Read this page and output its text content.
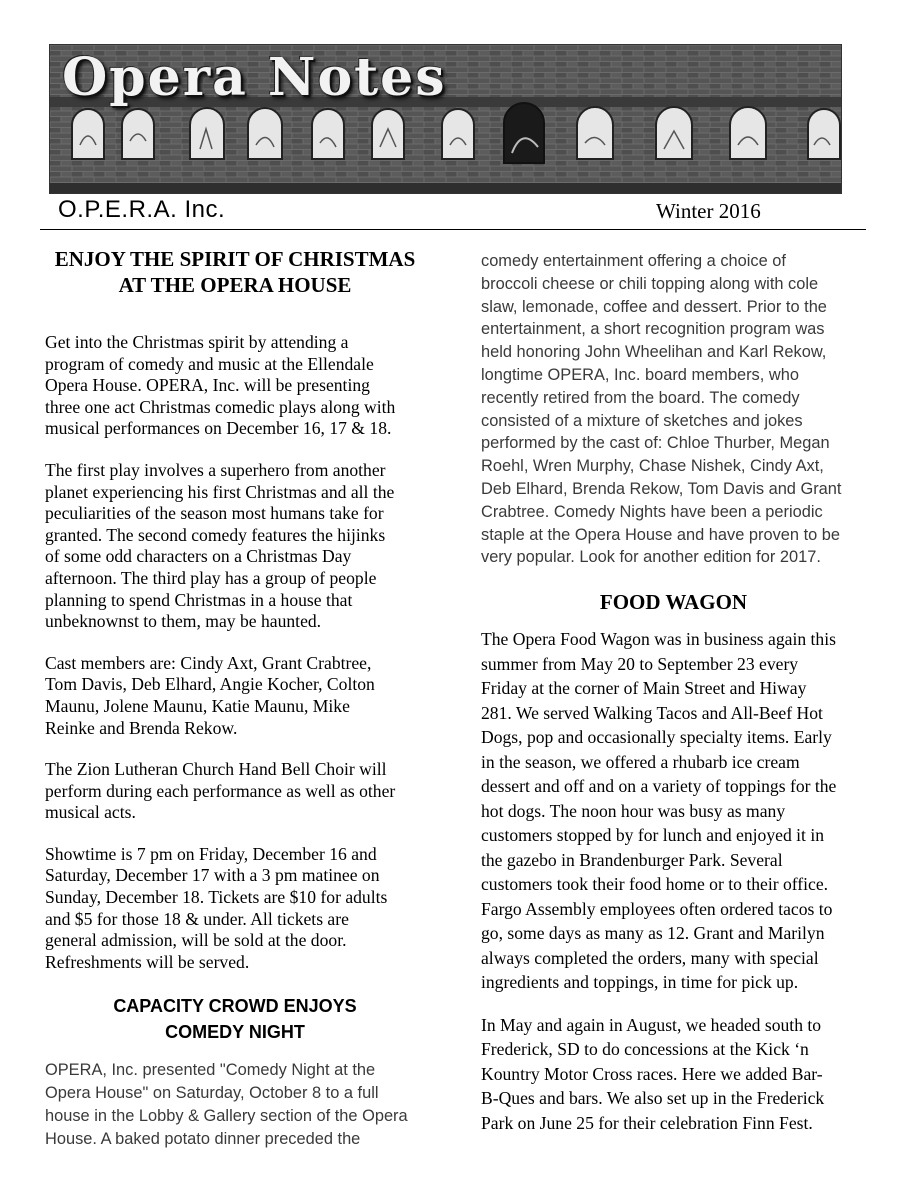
Opera Notes
O.P.E.R.A. Inc.	Winter 2016
ENJOY THE SPIRIT OF CHRISTMAS
AT THE OPERA HOUSE

Get into the Christmas spirit by attending a
program of comedy and music at the Ellendale
Opera House. OPERA, Inc. will be presenting
three one act Christmas comedic plays along with
musical performances on December 16, 17 & 18.

The first play involves a superhero from another
planet experiencing his first Christmas and all the
peculiarities of the season most humans take for
granted. The second comedy features the hijinks
of some odd characters on a Christmas Day
afternoon. The third play has a group of people
planning to spend Christmas in a house that
unbeknownst to them, may be haunted.

Cast members are: Cindy Axt, Grant Crabtree,
Tom Davis, Deb Elhard, Angie Kocher, Colton
Maunu, Jolene Maunu, Katie Maunu, Mike
Reinke and Brenda Rekow.

The Zion Lutheran Church Hand Bell Choir will
perform during each performance as well as other
musical acts.

Showtime is 7 pm on Friday, December 16 and
Saturday, December 17 with a 3 pm matinee on
Sunday, December 18. Tickets are $10 for adults
and $5 for those 18 & under. All tickets are
general admission, will be sold at the door.
Refreshments will be served.

CAPACITY CROWD ENJOYS
COMEDY NIGHT

OPERA, Inc. presented "Comedy Night at the
Opera House" on Saturday, October 8 to a full
house in the Lobby & Gallery section of the Opera
House. A baked potato dinner preceded the

comedy entertainment offering a choice of
broccoli cheese or chili topping along with cole
slaw, lemonade, coffee and dessert. Prior to the
entertainment, a short recognition program was
held honoring John Wheelihan and Karl Rekow,
longtime OPERA, Inc. board members, who
recently retired from the board. The comedy
consisted of a mixture of sketches and jokes
performed by the cast of: Chloe Thurber, Megan
Roehl, Wren Murphy, Chase Nishek, Cindy Axt,
Deb Elhard, Brenda Rekow, Tom Davis and Grant
Crabtree. Comedy Nights have been a periodic
staple at the Opera House and have proven to be
very popular. Look for another edition for 2017.

FOOD WAGON

The Opera Food Wagon was in business again this
summer from May 20 to September 23 every
Friday at the corner of Main Street and Hiway
281. We served Walking Tacos and All-Beef Hot
Dogs, pop and occasionally specialty items. Early
in the season, we offered a rhubarb ice cream
dessert and off and on a variety of toppings for the
hot dogs. The noon hour was busy as many
customers stopped by for lunch and enjoyed it in
the gazebo in Brandenburger Park. Several
customers took their food home or to their office.
Fargo Assembly employees often ordered tacos to
go, some days as many as 12. Grant and Marilyn
always completed the orders, many with special
ingredients and toppings, in time for pick up.

In May and again in August, we headed south to
Frederick, SD to do concessions at the Kick ‘n
Kountry Motor Cross races. Here we added Bar-
B-Ques and bars. We also set up in the Frederick
Park on June 25 for their celebration Finn Fest.
